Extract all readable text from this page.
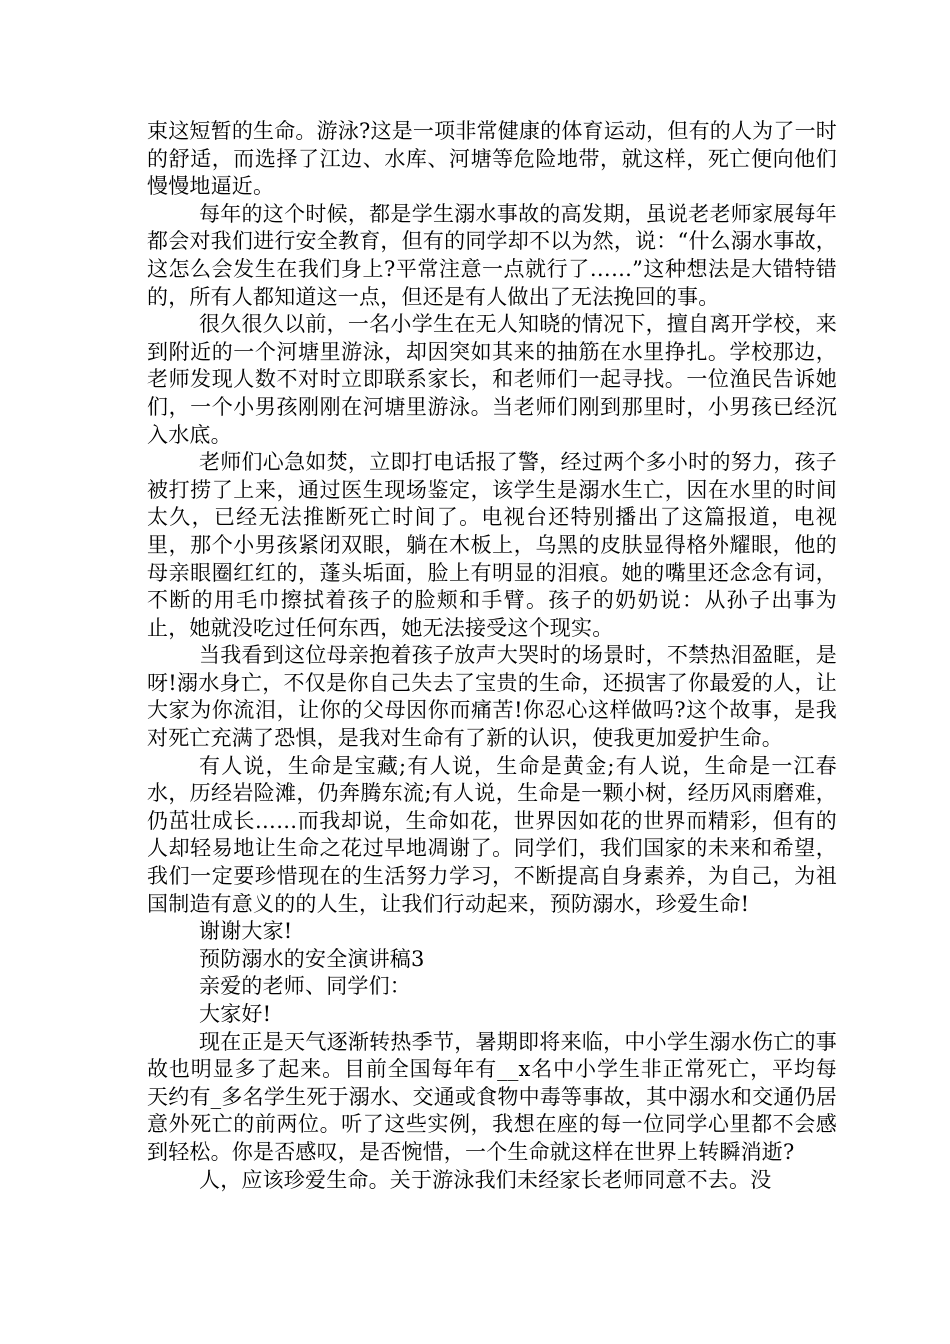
束这短暂的生命。游泳?这是一项非常健康的体育运动，但有的人为了一时的舒适，而选择了江边、水库、河塘等危险地带，就这样，死亡便向他们慢慢地逼近。

每年的这个时候，都是学生溺水事故的高发期，虽说老老师家展每年都会对我们进行安全教育，但有的同学却不以为然，说：“什么溺水事故，这怎么会发生在我们身上?平常注意一点就行了……”这种想法是大错特错的，所有人都知道这一点，但还是有人做出了无法挽回的事。

很久很久以前，一名小学生在无人知晓的情况下，擅自离开学校，来到附近的一个河塘里游泳，却因突如其来的抽筋在水里挣扎。学校那边，老师发现人数不对时立即联系家长，和老师们一起寻找。一位渔民告诉她们，一个小男孩刚刚在河塘里游泳。当老师们刚到那里时，小男孩已经沉入水底。

老师们心急如焚，立即打电话报了警，经过两个多小时的努力，孩子被打捞了上来，通过医生现场鉴定，该学生是溺水生亡，因在水里的时间太久，已经无法推断死亡时间了。电视台还特别播出了这篇报道，电视里，那个小男孩紧闭双眼，躺在木板上，乌黑的皮肤显得格外耀眼，他的母亲眼圈红红的，蓬头垢面，脸上有明显的泪痕。她的嘴里还念念有词，不断的用毛巾擦拭着孩子的脸颊和手臂。孩子的奶奶说：从孙子出事为止，她就没吃过任何东西，她无法接受这个现实。

当我看到这位母亲抱着孩子放声大哭时的场景时，不禁热泪盈眶，是呀!溺水身亡，不仅是你自己失去了宝贵的生命，还损害了你最爱的人，让大家为你流泪，让你的父母因你而痛苦!你忍心这样做吗?这个故事，是我对死亡充满了恐惧，是我对生命有了新的认识，使我更加爱护生命。

有人说，生命是宝藏;有人说，生命是黄金;有人说，生命是一江春水，历经岩险滩，仍奔腾东流;有人说，生命是一颗小树，经历风雨磨难，仍茁壮成长……而我却说，生命如花，世界因如花的世界而精彩，但有的人却轻易地让生命之花过早地凋谢了。同学们，我们国家的未来和希望，我们一定要珍惜现在的生活努力学习，不断提高自身素养，为自己，为祖国制造有意义的的人生，让我们行动起来，预防溺水，珍爱生命!

谢谢大家!

预防溺水的安全演讲稿3

亲爱的老师、同学们：

大家好!

现在正是天气逐渐转热季节，暑期即将来临，中小学生溺水伤亡的事故也明显多了起来。目前全国每年有__x名中小学生非正常死亡，平均每天约有_多名学生死于溺水、交通或食物中毒等事故，其中溺水和交通仍居意外死亡的前两位。听了这些实例，我想在座的每一位同学心里都不会感到轻松。你是否感叹，是否惋惜，一个生命就这样在世界上转瞬消逝?

人，应该珍爱生命。关于游泳我们未经家长老师同意不去。没
